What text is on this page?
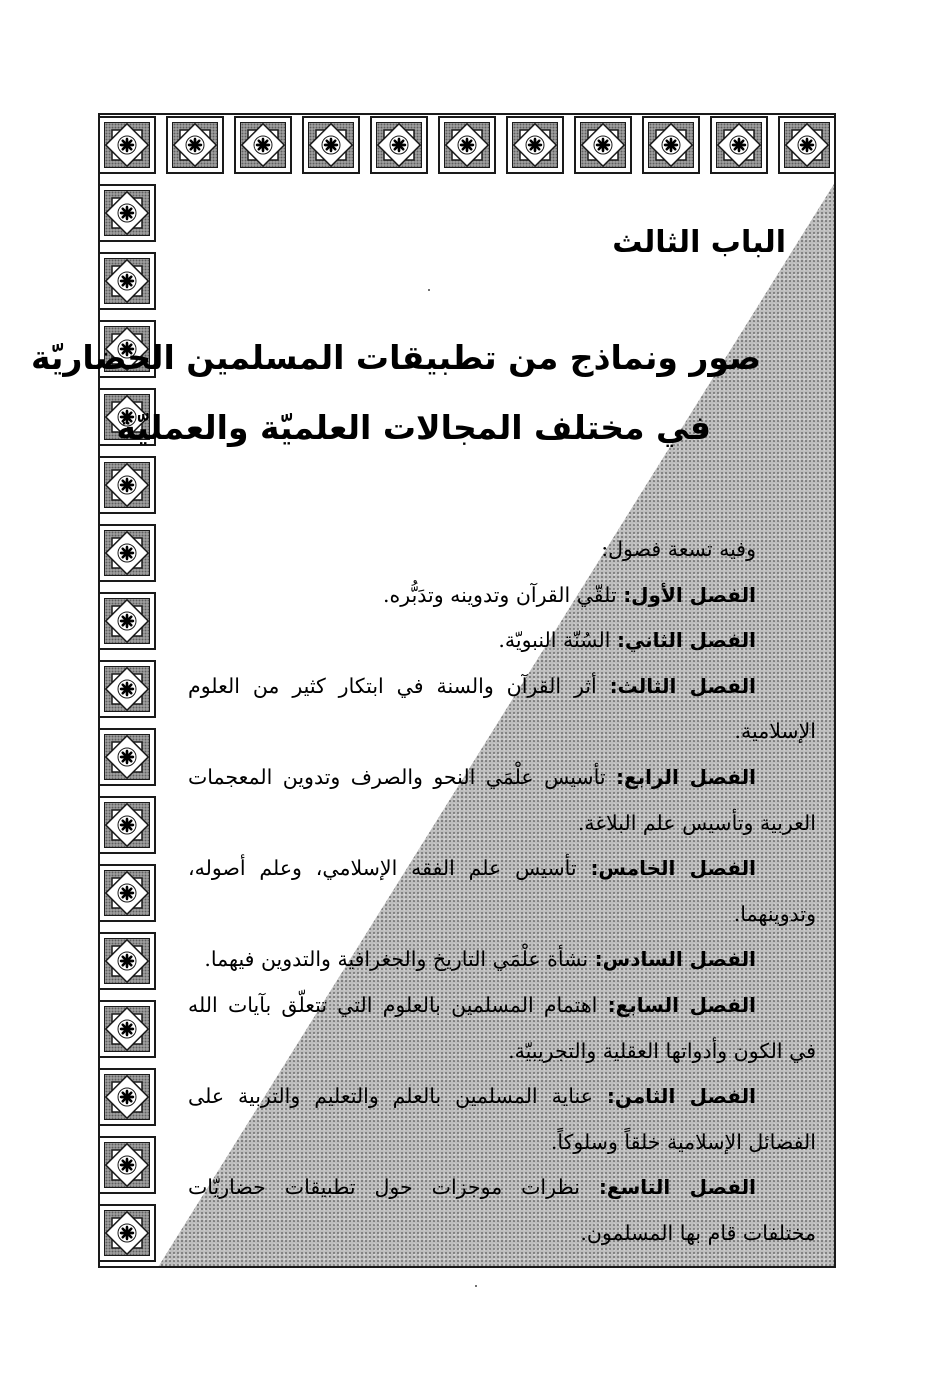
الباب الثالث
صور ونماذج من تطبيقات المسلمين الحضاريّة
في مختلف المجالات العلميّة والعمليّة

وفيه تسعة فصول:

الفصل الأول: تلقّي القرآن وتدوينه وتدَبُّره.

الفصل الثاني: السُنّة النبويّة.

الفصل الثالث: أثر القرآن والسنة في ابتكار كثير من العلوم الإسلامية.

الفصل الرابع: تأسيس علْمَي النحو والصرف وتدوين المعجمات العربية وتأسيس علم البلاغة.

الفصل الخامس: تأسيس علم الفقه الإسلامي، وعلم أصوله، وتدوينهما.

الفصل السادس: نشأة علْمَي التاريخ والجغرافية والتدوين فيهما.

الفصل السابع: اهتمام المسلمين بالعلوم التي تتعلّق بآيات الله في الكون وأدواتها العقلية والتجريبيّة.

الفصل الثامن: عناية المسلمين بالعلم والتعليم والتربية على الفضائل الإسلامية خلقاً وسلوكاً.

الفصل التاسع: نظرات موجزات حول تطبيقات حضاريّات مختلفات قام بها المسلمون.
